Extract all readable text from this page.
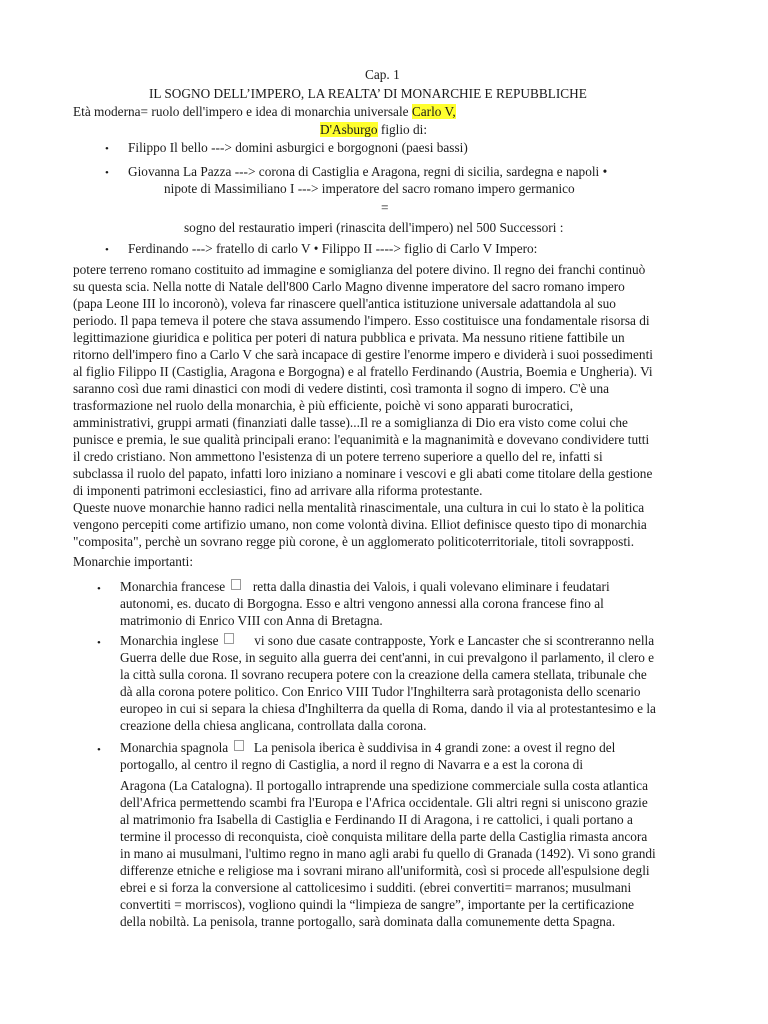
Cap. 1
IL SOGNO DELL’IMPERO, LA REALTA’ DI MONARCHIE E REPUBBLICHE
Età moderna= ruolo dell'impero e idea di monarchia universale Carlo V,
D'Asburgo figlio di:
• Filippo Il bello ---> domini asburgici e borgognoni (paesi bassi)
• Giovanna La Pazza ---> corona di Castiglia e Aragona, regni di sicilia, sardegna e napoli •
nipote di Massimiliano I ---> imperatore del sacro romano impero germanico
=
sogno del restauratio imperi (rinascita dell'impero) nel 500 Successori :
• Ferdinando ---> fratello di carlo V • Filippo II ----> figlio di Carlo V Impero:
potere terreno romano costituito ad immagine e somiglianza del potere divino. Il regno dei franchi continuò
su questa scia. Nella notte di Natale dell'800 Carlo Magno divenne imperatore del sacro romano impero
(papa Leone III lo incoronò), voleva far rinascere quell'antica istituzione universale adattandola al suo
periodo. Il papa temeva il potere che stava assumendo l'impero. Esso costituisce una fondamentale risorsa di
legittimazione giuridica e politica per poteri di natura pubblica e privata. Ma nessuno ritiene fattibile un
ritorno dell'impero fino a Carlo V che sarà incapace di gestire l'enorme impero e dividerà i suoi possedimenti
al figlio Filippo II (Castiglia, Aragona e Borgogna) e al fratello Ferdinando (Austria, Boemia e Ungheria). Vi
saranno così due rami dinastici con modi di vedere distinti, così tramonta il sogno di impero. C'è una
trasformazione nel ruolo della monarchia, è più efficiente, poichè vi sono apparati burocratici,
amministrativi, gruppi armati (finanziati dalle tasse)...Il re a somiglianza di Dio era visto come colui che
punisce e premia, le sue qualità principali erano: l'equanimità e la magnanimità e dovevano condividere tutti
il credo cristiano. Non ammettono l'esistenza di un potere terreno superiore a quello del re, infatti si
subclassa il ruolo del papato, infatti loro iniziano a nominare i vescovi e gli abati come titolare della gestione
di imponenti patrimoni ecclesiastici, fino ad arrivare alla riforma protestante.
Queste nuove monarchie hanno radici nella mentalità rinascimentale, una cultura in cui lo stato è la politica
vengono percepiti come artifizio umano, non come volontà divina. Elliot definisce questo tipo di monarchia
"composita", perchè un sovrano regge più corone, è un agglomerato politicoterritoriale, titoli sovrapposti.
Monarchie importanti:
• Monarchia francese retta dalla dinastia dei Valois, i quali volevano eliminare i feudatari
autonomi, es. ducato di Borgogna. Esso e altri vengono annessi alla corona francese fino al
matrimonio di Enrico VIII con Anna di Bretagna.
• Monarchia inglese	vi sono due casate contrapposte, York e Lancaster che si scontreranno nella
Guerra delle due Rose, in seguito alla guerra dei cent'anni, in cui prevalgono il parlamento, il clero e
la città sulla corona. Il sovrano recupera potere con la creazione della camera stellata, tribunale che
dà alla corona potere politico. Con Enrico VIII Tudor l'Inghilterra sarà protagonista dello scenario
europeo in cui si separa la chiesa d'Inghilterra da quella di Roma, dando il via al protestantesimo e la
creazione della chiesa anglicana, controllata dalla corona.
• Monarchia spagnola La penisola iberica è suddivisa in 4 grandi zone: a ovest il regno del
portogallo, al centro il regno di Castiglia, a nord il regno di Navarra e a est la corona di
Aragona (La Catalogna). Il portogallo intraprende una spedizione commerciale sulla costa atlantica
dell'Africa permettendo scambi fra l'Europa e l'Africa occidentale. Gli altri regni si uniscono grazie
al matrimonio fra Isabella di Castiglia e Ferdinando II di Aragona, i re cattolici, i quali portano a
termine il processo di reconquista, cioè conquista militare della parte della Castiglia rimasta ancora
in mano ai musulmani, l'ultimo regno in mano agli arabi fu quello di Granada (1492). Vi sono grandi
differenze etniche e religiose ma i sovrani mirano all'uniformità, così si procede all'espulsione degli
ebrei e si forza la conversione al cattolicesimo i sudditi. (ebrei convertiti= marranos; musulmani
convertiti = morriscos), vogliono quindi la “limpieza de sangre”, importante per la certificazione
della nobiltà. La penisola, tranne portogallo, sarà dominata dalla comunemente detta Spagna.
